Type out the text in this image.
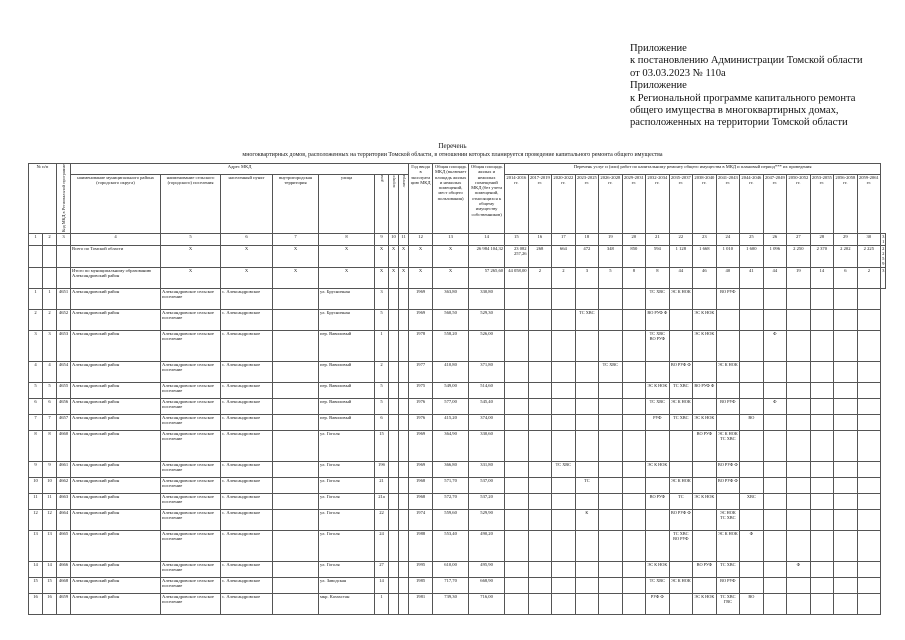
Приложение
к постановлению Администрации Томской области
от 03.03.2023 № 110а
Приложение
к Региональной программе капитального ремонта
общего имущества в многоквартирных домах,
расположенных на территории Томской области
Перечень
многоквартирных домов, расположенных на территории Томской области, в отношении которых планируется проведение капитального ремонта общего имущества
№ п/п		Код МКД в Региональной программе	Адрес МКД								Год ввода в эксплуатацию МКД	Общая площадь МКД (включает площадь жилых и нежилых помещений, мест общего пользования)	Общая площадь жилых и нежилых помещений МКД (без учета помещений, относящихся к общему имуществу собственников)	Перечень услуг и (или) работ по капитальному ремонту общего имущества в МКД и плановый период*** их проведения																
			наименование муниципального района (городского округа)	наименование сельского (городского) поселения	населенный пункт	внутригородская территория	улица	дом	корпус	литера				2014-2016 гг.	2017-2019 гг.	2020-2022 гг.	2023-2025 гг.	2026-2028 гг.	2029-2031 гг.	2032-2034 гг.	2035-2037 гг.	2038-2040 гг.	2041-2043 гг.	2044-2046 гг.	2047-2049 гг.	2050-2052 гг.	2053-2055 гг.	2056-2058 гг.	2059-2061 гг.	

1	2	3	4	5	6	7	8	9	10	11	12	13	14	15	16	17	18	19	20	21	22	23	24	25	26	27	28	29	30	31
			Всего по Томской области	Х	Х	Х	Х	Х	Х	Х	Х	Х	26 984 104,32	23 082 257,26	268	664	472	348	850	594	1 128	1 668	1 010	1 600	1 096	2 250	2 370	2 202	2 225	2 259
			Итого по муниципальному образованию Александровский район	Х	Х	Х	Х	Х	Х	Х	Х	Х	57 265,60	44 058,00	2	2	3	5	8	8	44	46	40	41	44	19	14	6	2	3
1	1	4651	Александровский район	Александровское сельское поселение	с. Александровское		ул. Брусничная	3			1969	363,80	330,80							ТС ХВС	ЭС К НОК		ВО РУФ							
2	2	4652	Александровский район	Александровское сельское поселение	с. Александровское		ул. Брусничная	5			1969	560,50	529,30				ТС ХВС			ВО РУФ Ф		ЭС К НОК								
3	3	4653	Александровский район	Александровское сельское поселение	с. Александровское		пер. Вавиловый	1			1978	558,20	526,00							ТС ХВС ВО РУФ		ЭС К НОК			Ф					
4	4	4654	Александровский район	Александровское сельское поселение	с. Александровское		пер. Вавиловый	2			1977	410,80	371,80					ТС ХВС			ВО РУФ Ф		ЭС К НОК							
5	5	4655	Александровский район	Александровское сельское поселение	с. Александровское		пер. Вавиловый	5			1975	549,00	514,60							ЭС К НОК	ТС ХВС	ВО РУФ Ф								
6	6	4656	Александровский район	Александровское сельское поселение	с. Александровское		пер. Вавиловый	5			1976	577,00	545,40							ТС ХВС	ЭС К НОК		ВО РУФ		Ф					
7	7	4657	Александровский район	Александровское сельское поселение	с. Александровское		пер. Вавиловый	6			1976	415,20	374,00							РУФ	ТС ХВС	ЭС К НОК		ВО						
8	8	4660	Александровский район	Александровское сельское поселение	с. Александровское		ул. Гоголя	15			1969	364,90	330,60									ВО РУФ	ЭС К НОК ТС ХВС							
9	9	4661	Александровский район	Александровское сельское поселение	с. Александровское		ул. Гоголя	19б			1969	366,80	331,80			ТС ХВС				ЭС К НОК			ВО РУФ Ф							
10	10	4662	Александровский район	Александровское сельское поселение	с. Александровское		ул. Гоголя	21			1968	571,70	537,00				ТС				ЭС К НОК		ВО РУФ Ф							
11	11	4663	Александровский район	Александровское сельское поселение	с. Александровское		ул. Гоголя	21а			1968	572,70	537,20							ВО РУФ	ТС	ЭС К НОК		ХВС						
12	12	4664	Александровский район	Александровское сельское поселение	с. Александровское		ул. Гоголя	22			1974	559,60	529,90				К				ВО РУФ Ф		ЭС НОК ТС ХВС							
13	13	4665	Александровский район	Александровское сельское поселение	с. Александровское		ул. Гоголя	24			1988	553,40	490,20								ТС ХВС ВО РУФ		ЭС К НОК	Ф						
14	14	4666	Александровский район	Александровское сельское поселение	с. Александровское		ул. Гоголя	27			1995	610,00	495,90							ЭС К НОК		ВО РУФ	ТС ХВС			Ф				
15	15	4668	Александровский район	Александровское сельское поселение	с. Александровское		ул. Заводская	14			1985	717,70	668,90							ТС ХВС	ЭС К НОК		ВО РУФ							
16	16	4659	Александровский район	Александровское сельское поселение	с. Александровское		мкр. Казахстан	1			1981	739,30	716,00							РУФ Ф		ЭС К НОК	ТС ХВС ГВС	ВО						
